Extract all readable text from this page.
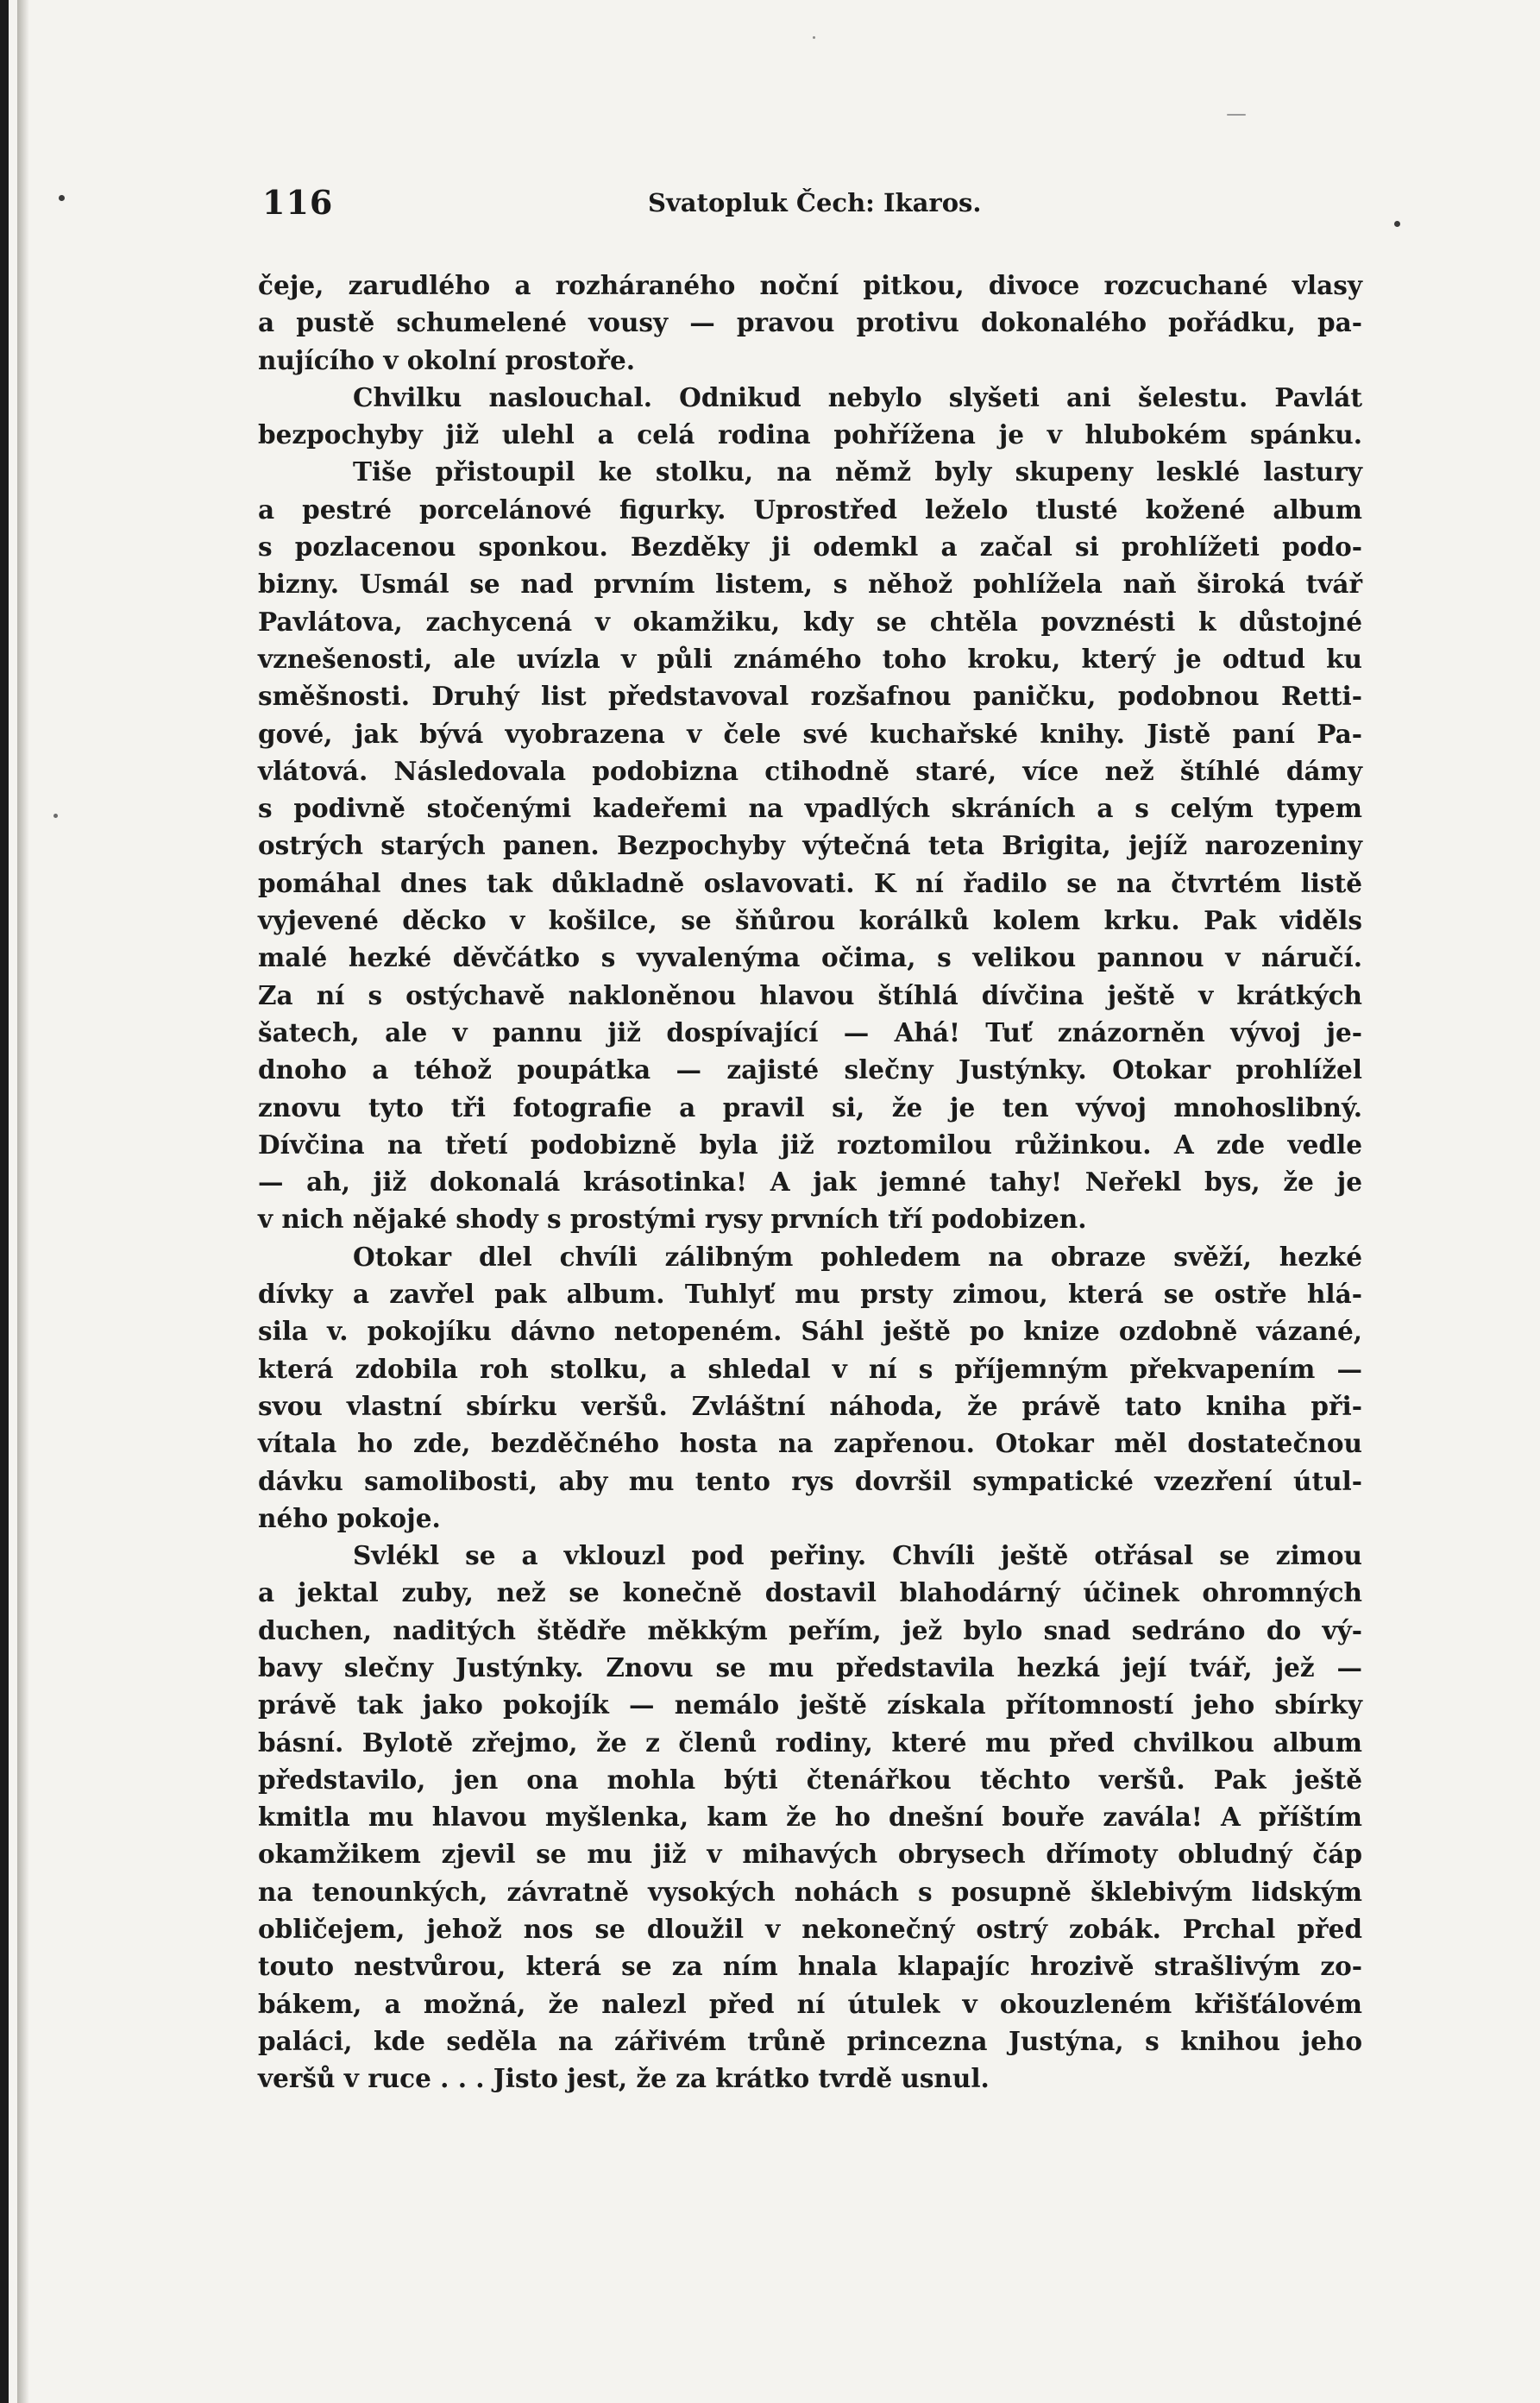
116	Svatopluk Čech: Ikaros.
čeje, zarudlého a rozháraného noční pitkou, divoce rozcuchané vlasy
a pustě schumelené vousy — pravou protivu dokonalého pořádku, pa-
nujícího v okolní prostoře.
Chvilku naslouchal. Odnikud nebylo slyšeti ani šelestu. Pavlát
bezpochyby již ulehl a celá rodina pohřížena je v hlubokém spánku.
Tiše přistoupil ke stolku, na němž byly skupeny lesklé lastury
a pestré porcelánové figurky. Uprostřed leželo tlusté kožené album
s pozlacenou sponkou. Bezděky ji odemkl a začal si prohlížeti podo-
bizny. Usmál se nad prvním listem, s něhož pohlížela naň široká tvář
Pavlátova, zachycená v okamžiku, kdy se chtěla povznésti k důstojné
vznešenosti, ale uvízla v půli známého toho kroku, který je odtud ku
směšnosti. Druhý list představoval rozšafnou paničku, podobnou Retti-
gové, jak bývá vyobrazena v čele své kuchařské knihy. Jistě paní Pa-
vlátová. Následovala podobizna ctihodně staré, více než štíhlé dámy
s podivně stočenými kadeřemi na vpadlých skráních a s celým typem
ostrých starých panen. Bezpochyby výtečná teta Brigita, jejíž narozeniny
pomáhal dnes tak důkladně oslavovati. K ní řadilo se na čtvrtém listě
vyjevené děcko v košilce, se šňůrou korálků kolem krku. Pak viděls
malé hezké děvčátko s vyvalenýma očima, s velikou pannou v náručí.
Za ní s ostýchavě nakloněnou hlavou štíhlá dívčina ještě v krátkých
šatech, ale v pannu již dospívající — Ahá! Tuť znázorněn vývoj je-
dnoho a téhož poupátka — zajisté slečny Justýnky. Otokar prohlížel
znovu tyto tři fotografie a pravil si, že je ten vývoj mnohoslibný.
Dívčina na třetí podobizně byla již roztomilou růžinkou. A zde vedle
— ah, již dokonalá krásotinka! A jak jemné tahy! Neřekl bys, že je
v nich nějaké shody s prostými rysy prvních tří podobizen.
Otokar dlel chvíli zálibným pohledem na obraze svěží, hezké
dívky a zavřel pak album. Tuhlyť mu prsty zimou, která se ostře hlá-
sila v. pokojíku dávno netopeném. Sáhl ještě po knize ozdobně vázané,
která zdobila roh stolku, a shledal v ní s příjemným překvapením —
svou vlastní sbírku veršů. Zvláštní náhoda, že právě tato kniha při-
vítala ho zde, bezděčného hosta na zapřenou. Otokar měl dostatečnou
dávku samolibosti, aby mu tento rys dovršil sympatické vzezření útul-
ného pokoje.
Svlékl se a vklouzl pod peřiny. Chvíli ještě otřásal se zimou
a jektal zuby, než se konečně dostavil blahodárný účinek ohromných
duchen, naditých štědře měkkým peřím, jež bylo snad sedráno do vý-
bavy slečny Justýnky. Znovu se mu představila hezká její tvář, jež —
právě tak jako pokojík — nemálo ještě získala přítomností jeho sbírky
básní. Bylotě zřejmo, že z členů rodiny, které mu před chvilkou album
představilo, jen ona mohla býti čtenářkou těchto veršů. Pak ještě
kmitla mu hlavou myšlenka, kam že ho dnešní bouře zavála! A příštím
okamžikem zjevil se mu již v mihavých obrysech dřímoty obludný čáp
na tenounkých, závratně vysokých nohách s posupně šklebivým lidským
obličejem, jehož nos se dloužil v nekonečný ostrý zobák. Prchal před
touto nestvůrou, která se za ním hnala klapajíc hrozivě strašlivým zo-
bákem, a možná, že nalezl před ní útulek v okouzleném křišťálovém
paláci, kde seděla na zářivém trůně princezna Justýna, s knihou jeho
veršů v ruce . . . Jisto jest, že za krátko tvrdě usnul.
